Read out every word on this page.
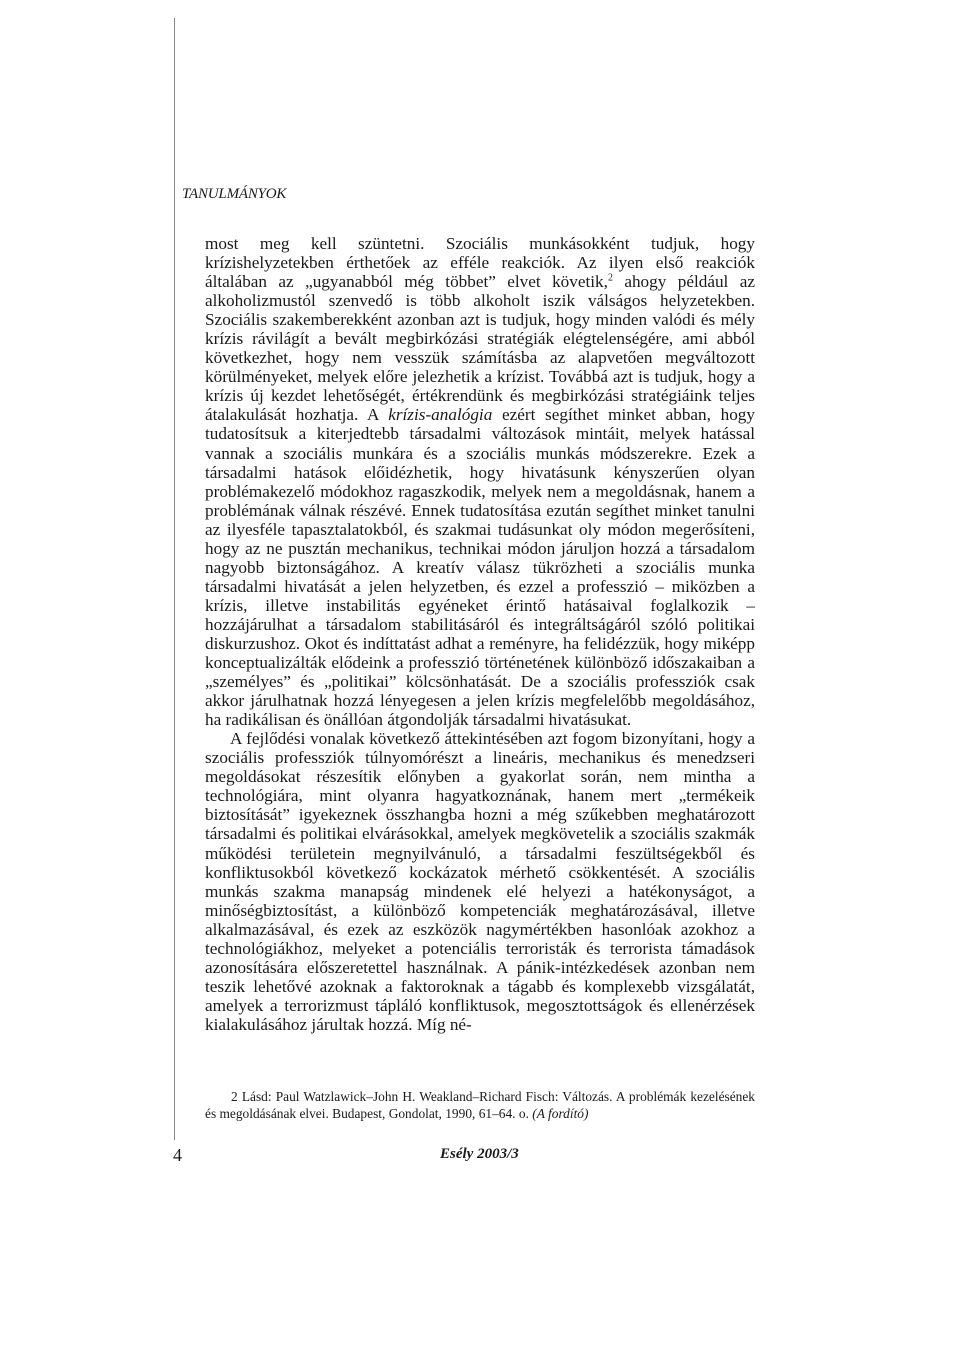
TANULMÁNYOK

most meg kell szüntetni. Szociális munkásokként tudjuk, hogy krízishelyzetekben érthetőek az efféle reakciók. Az ilyen első reakciók általában az „ugyanabból még többet” elvet követik,$^2$ ahogy például az alkoholizmustól szenvedő is több alkoholt iszik válságos helyzetekben. Szociális szakemberekként azonban azt is tudjuk, hogy minden valódi és mély krízis rávilágít a bevált megbirkózási stratégiák elégtelenségére, ami abból következhet, hogy nem vesszük számításba az alapvetően megváltozott körülményeket, melyek előre jelezhetik a krízist. Továbbá azt is tudjuk, hogy a krízis új kezdet lehetőségét, értékrendünk és megbirkózási stratégiáink teljes átalakulását hozhatja. A krízis-analógia ezért segíthet minket abban, hogy tudatosítsuk a kiterjedtebb társadalmi változások mintáit, melyek hatással vannak a szociális munkára és a szociális munkás módszerekre. Ezek a társadalmi hatások előidézhetik, hogy hivatásunk kényszerűen olyan problémakezelő módokhoz ragaszkodik, melyek nem a megoldásnak, hanem a problémának válnak részévé. Ennek tudatosítása ezután segíthet minket tanulni az ilyesféle tapasztalatokból, és szakmai tudásunkat oly módon megerősíteni, hogy az ne pusztán mechanikus, technikai módon járuljon hozzá a társadalom nagyobb biztonságához. A kreatív válasz tükrözheti a szociális munka társadalmi hivatását a jelen helyzetben, és ezzel a professzió – miközben a krízis, illetve instabilitás egyéneket érintő hatásaival foglalkozik – hozzájárulhat a társadalom stabilitásáról és integráltságáról szóló politikai diskurzushoz. Okot és indíttatást adhat a reményre, ha felidézzük, hogy miképp konceptualizálták elődeink a professzió történetének különböző időszakaiban a „személyes” és „politikai” kölcsönhatását. De a szociális professziók csak akkor járulhatnak hozzá lényegesen a jelen krízis megfelelőbb megoldásához, ha radikálisan és önállóan átgondolják társadalmi hivatásukat.

A fejlődési vonalak következő áttekintésében azt fogom bizonyítani, hogy a szociális professziók túlnyomórészt a lineáris, mechanikus és menedzseri megoldásokat részesítik előnyben a gyakorlat során, nem mintha a technológiára, mint olyanra hagyatkoznának, hanem mert „termékeik biztosítását” igyekeznek összhangba hozni a még szűkebben meghatározott társadalmi és politikai elvárásokkal, amelyek megkövetelik a szociális szakmák működési területein megnyilvánuló, a társadalmi feszültségekből és konfliktusokból következő kockázatok mérhető csökkentését. A szociális munkás szakma manapság mindenek elé helyezi a hatékonyságot, a minőségbiztosítást, a különböző kompetenciák meghatározásával, illetve alkalmazásával, és ezek az eszközök nagymértékben hasonlóak azokhoz a technológiákhoz, melyeket a potenciális terroristák és terrorista támadások azonosítására előszeretettel használnak. A pánik-intézkedések azonban nem teszik lehetővé azoknak a faktoroknak a tágabb és komplexebb vizsgálatát, amelyek a terrorizmust tápláló konfliktusok, megosztottságok és ellenérzések kialakulásához járultak hozzá. Míg né-

2 Lásd: Paul Watzlawick–John H. Weakland–Richard Fisch: Változás. A problémák kezelésének és megoldásának elvei. Budapest, Gondolat, 1990, 61–64. o. (A fordító)

4	Esély 2003/3
